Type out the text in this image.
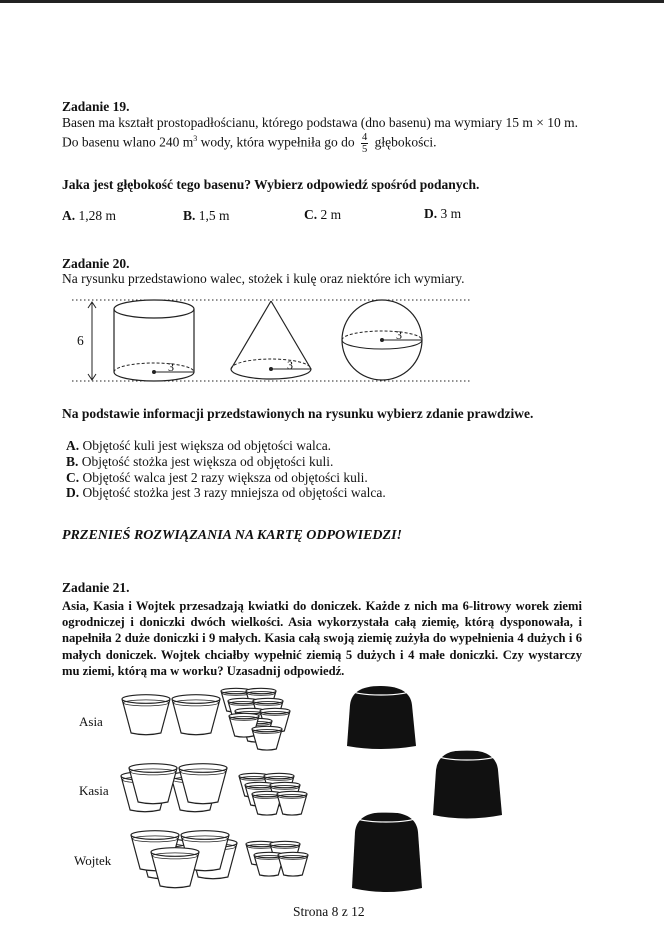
Zadanie 19.
Basen ma kształt prostopadłościanu, którego podstawa (dno basenu) ma wymiary 15 m × 10 m.
Do basenu wlano 240 $m^3$ wody, która wypełniła go do $\frac{4}{5}$ głębokości.
Jaka jest głębokość tego basenu? Wybierz odpowiedź spośród podanych.
A. 1,28 m	B. 1,5 m	C. 2 m	D. 3 m
Zadanie 20.
Na rysunku przedstawiono walec, stożek i kulę oraz niektóre ich wymiary.
6
3	3
3
Na podstawie informacji przedstawionych na rysunku wybierz zdanie prawdziwe.
A. Objętość kuli jest większa od objętości walca.
B. Objętość stożka jest większa od objętości kuli.
C. Objętość walca jest 2 razy większa od objętości kuli.
D. Objętość stożka jest 3 razy mniejsza od objętości walca.
PRZENIEŚ ROZWIĄZANIA NA KARTĘ ODPOWIEDZI!
Zadanie 21.
Asia, Kasia i Wojtek przesadzają kwiatki do doniczek. Każde z nich ma 6-litrowy worek ziemi ogrodniczej i doniczki dwóch wielkości. Asia wykorzystała całą ziemię, którą dysponowała, i napełniła 2 duże doniczki i 9 małych. Kasia całą swoją ziemię zużyła do wypełnienia 4 dużych i 6 małych doniczek. Wojtek chciałby wypełnić ziemią 5 dużych i 4 małe doniczki. Czy wystarczy mu ziemi, którą ma w worku? Uzasadnij odpowiedź.
Asia
Kasia
Wojtek
Strona 8 z 12
